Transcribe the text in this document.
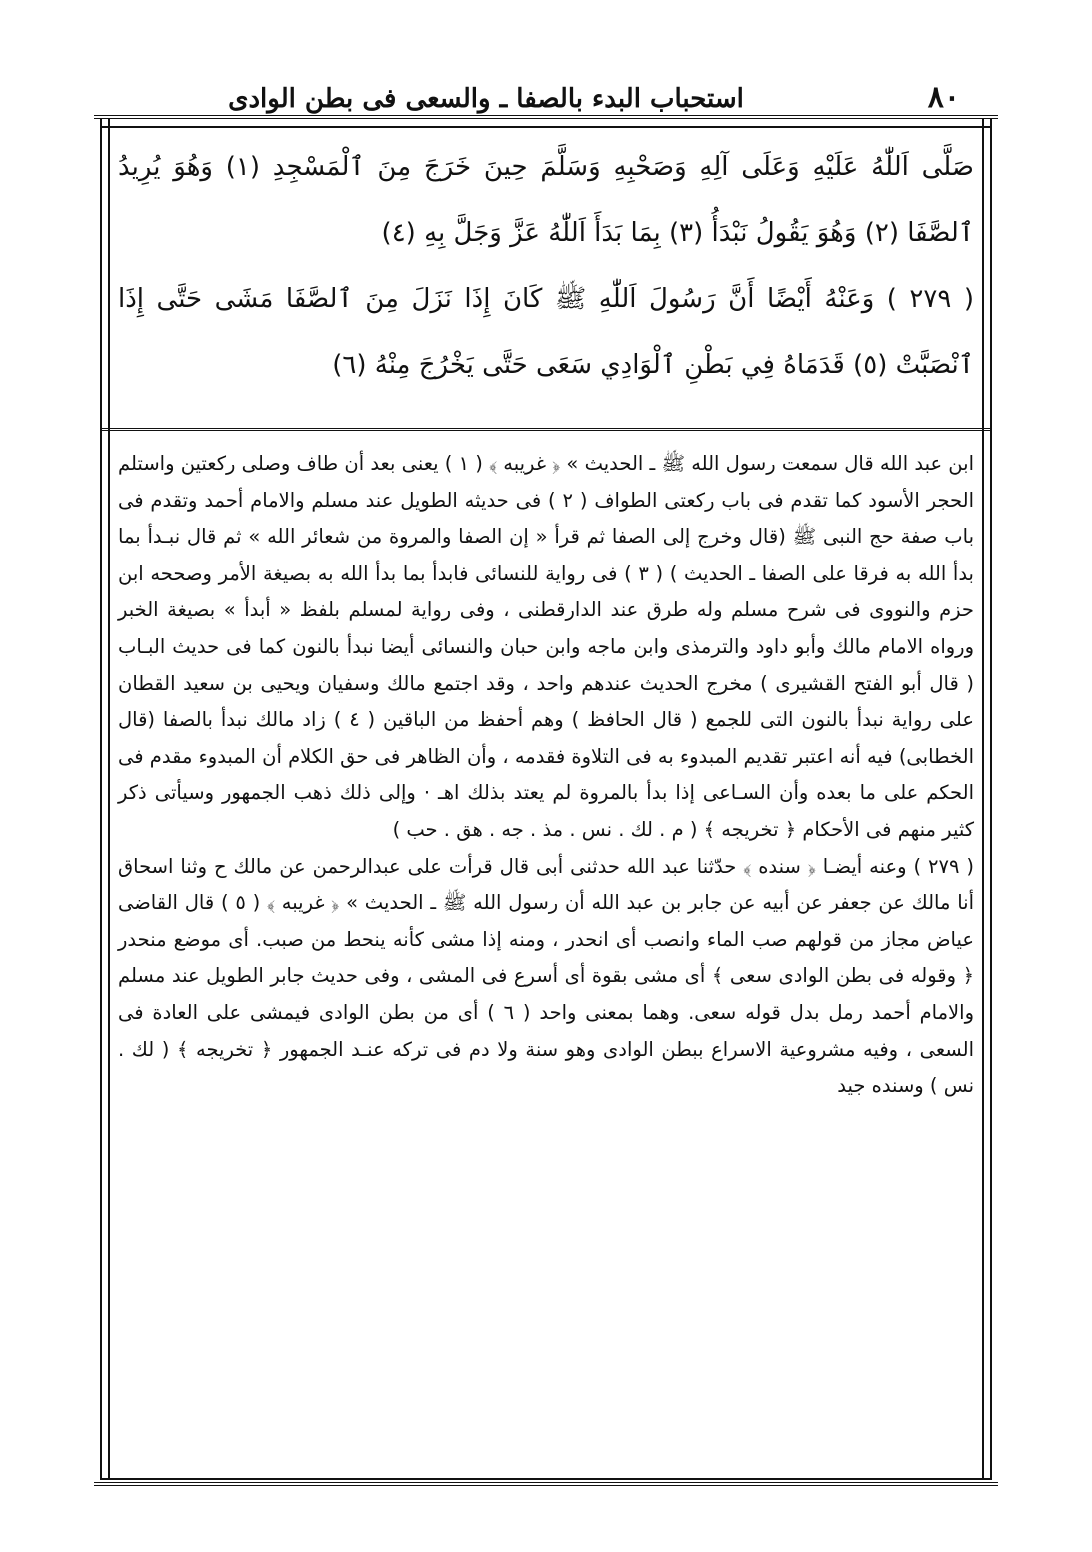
٨٠
استحباب البدء بالصفا ـ والسعى فى بطن الوادى

صَلَّى اَللّٰهُ عَلَيْهِ وَعَلَى آلِهِ وَصَحْبِهِ وَسَلَّمَ حِينَ خَرَجَ مِنَ ٱلْمَسْجِدِ (١) وَهُوَ يُرِيدُ ٱلصَّفَا (٢) وَهُوَ يَقُولُ نَبْدَأُ (٣) بِمَا بَدَأَ اَللّٰهُ عَزَّ وَجَلَّ بِهِ (٤)

( ٢٧٩ ) وَعَنْهُ أَيْضًا أَنَّ رَسُولَ اَللّٰهِ ﷺ كَانَ إِذَا نَزَلَ مِنَ ٱلصَّفَا مَشَى حَتَّى إِذَا ٱنْصَبَّتْ (٥) قَدَمَاهُ فِي بَطْنِ ٱلْوَادِي سَعَى حَتَّى يَخْرُجَ مِنْهُ (٦)

ابن عبد الله قال سمعت رسول الله ﷺ ـ الحديث » ﴿ غريبه ﴾ ( ١ ) يعنى بعد أن طاف وصلى ركعتين واستلم الحجر الأسود كما تقدم فى باب ركعتى الطواف ( ٢ ) فى حديثه الطويل عند مسلم والامام أحمد وتقدم فى باب صفة حج النبى ﷺ (قال وخرج إلى الصفا ثم قرأ « إن الصفا والمروة من شعائر الله » ثم قال نبـدأ بما بدأ الله به فرقا على الصفا ـ الحديث ) ( ٣ ) فى رواية للنسائى فابدأ بما بدأ الله به بصيغة الأمر وصححه ابن حزم والنووى فى شرح مسلم وله طرق عند الدارقطنى ، وفى رواية لمسلم بلفظ « أبدأ » بصيغة الخبر ورواه الامام مالك وأبو داود والترمذى وابن ماجه وابن حبان والنسائى أيضا نبدأ بالنون كما فى حديث البـاب ( قال أبو الفتح القشيرى ) مخرج الحديث عندهم واحد ، وقد اجتمع مالك وسفيان ويحيى بن سعيد القطان على رواية نبدأ بالنون التى للجمع ( قال الحافظ ) وهم أحفظ من الباقين ( ٤ ) زاد مالك نبدأ بالصفا (قال الخطابى) فيه أنه اعتبر تقديم المبدوء به فى التلاوة فقدمه ، وأن الظاهر فى حق الكلام أن المبدوء مقدم فى الحكم على ما بعده وأن السـاعى إذا بدأ بالمروة لم يعتد بذلك اهـ · وإلى ذلك ذهب الجمهور وسيأتى ذكر كثير منهم فى الأحكام ﴿ تخريجه ﴾ ( م . لك . نس . مذ . جه . هق . حب )

( ٢٧٩ ) وعنه أيضـا ﴿ سنده ﴾ حدّثنا عبد الله حدثنى أبى قال قرأت على عبدالرحمن عن مالك ح وثنا اسحاق أنا مالك عن جعفر عن أبيه عن جابر بن عبد الله أن رسول الله ﷺ ـ الحديث » ﴿ غريبه ﴾ ( ٥ ) قال القاضى عياض مجاز من قولهم صب الماء وانصب أى انحدر ، ومنه إذا مشى كأنه ينحط من صبب. أى موضع منحدر ﴿ وقوله فى بطن الوادى سعى ﴾ أى مشى بقوة أى أسرع فى المشى ، وفى حديث جابر الطويل عند مسلم والامام أحمد رمل بدل قوله سعى. وهما بمعنى واحد ( ٦ ) أى من بطن الوادى فيمشى على العادة فى السعى ، وفيه مشروعية الاسراع ببطن الوادى وهو سنة ولا دم فى تركه عنـد الجمهور ﴿ تخريجه ﴾ ( لك . نس ) وسنده جيد
